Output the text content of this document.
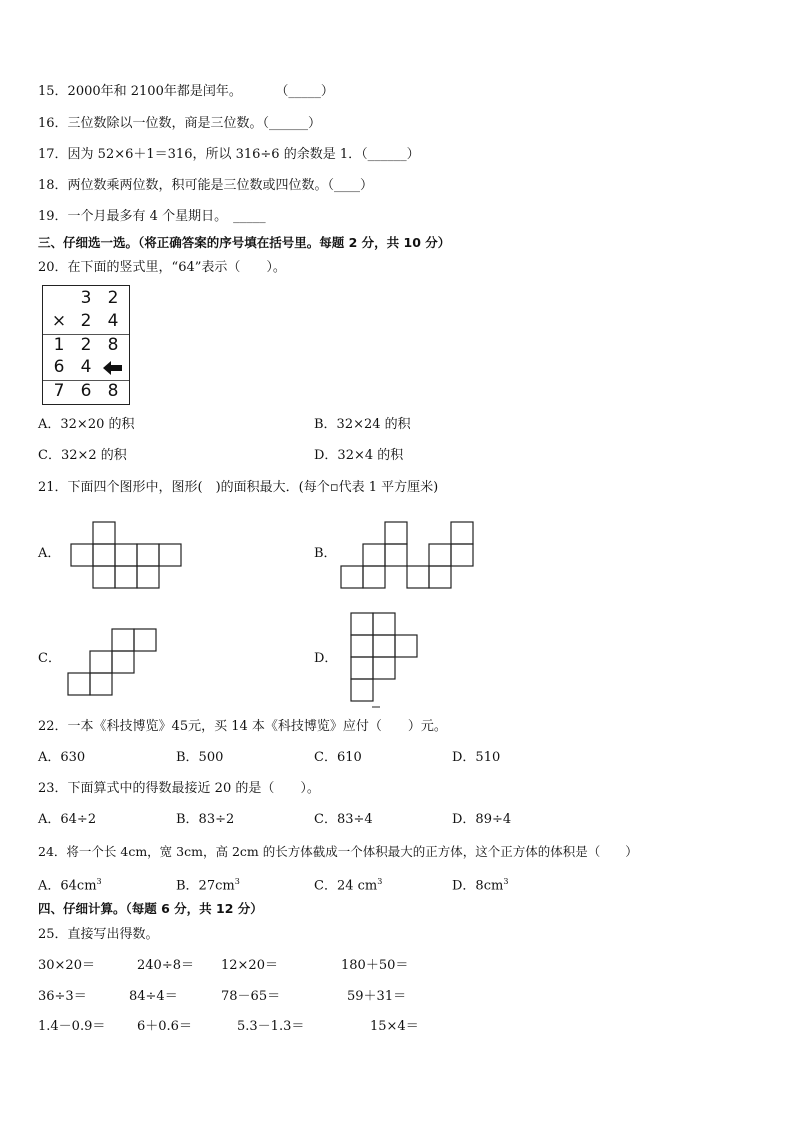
15．2000年和 2100年都是闰年。	（_____）
16．三位数除以一位数，商是三位数。（______）
17．因为 52×6＋1＝316，所以 316÷6 的余数是 1．（______）
18．两位数乘两位数，积可能是三位数或四位数。（____）
19．一个月最多有 4 个星期日。 _____
三、仔细选一选。（将正确答案的序号填在括号里。每题 2 分，共 10 分）
20．在下面的竖式里，“64”表示（　　）。
3 2
× 2 4
1 2 8
6 4
7 6 8
A．32×20 的积	B．32×24 的积
C．32×2 的积	D．32×4 的积
21．下面四个图形中，图形(　)的面积最大．(每个▫代表 1 平方厘米)
A．	B．
C．	D．
22．一本《科技博览》45元，买 14 本《科技博览》应付（　　）元。
A．630	B．500	C．610	D．510
23．下面算式中的得数最接近 20 的是（　　）。
A．64÷2	B．83÷2	C．83÷4	D．89÷4
24．将一个长 4cm，宽 3cm，高 2cm 的长方体截成一个体积最大的正方体，这个正方体的体积是（　　）
A．$64cm^3$	B．$27cm^3$	C．24 $cm^3$	D．$8cm^3$
四、仔细计算。（每题 6 分，共 12 分）
25．直接写出得数。
30×20＝	240÷8＝ 12×20＝	180＋50＝
36÷3＝	84÷4＝	78－65＝	59＋31＝
1.4－0.9＝ 6＋0.6＝	5.3－1.3＝	15×4＝
